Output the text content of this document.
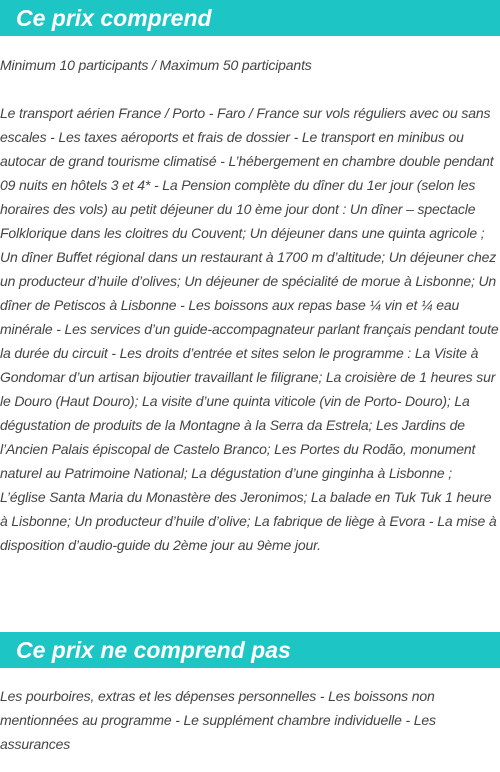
Ce prix comprend

Minimum 10 participants / Maximum 50 participants

Le transport aérien France / Porto - Faro / France sur vols réguliers avec ou sans escales - Les taxes aéroports et frais de dossier - Le transport en minibus ou autocar de grand tourisme climatisé - L’hébergement en chambre double pendant 09 nuits en hôtels 3 et 4* - La Pension complète du dîner du 1er jour (selon les horaires des vols) au petit déjeuner du 10 ème jour dont : Un dîner – spectacle Folklorique dans les cloitres du Couvent; Un déjeuner dans une quinta agricole ; Un dîner Buffet régional dans un restaurant à 1700 m d’altitude; Un déjeuner chez un producteur d’huile d’olives; Un déjeuner de spécialité de morue à Lisbonne; Un dîner de Petiscos à Lisbonne - Les boissons aux repas base ¼ vin et ¼ eau minérale - Les services d’un guide-accompagnateur parlant français pendant toute la durée du circuit - Les droits d’entrée et sites selon le programme : La Visite à Gondomar d’un artisan bijoutier travaillant le filigrane; La croisière de 1 heures sur le Douro (Haut Douro); La visite d’une quinta viticole (vin de Porto- Douro); La dégustation de produits de la Montagne à la Serra da Estrela; Les Jardins de l’Ancien Palais épiscopal de Castelo Branco; Les Portes du Rodão, monument naturel au Patrimoine National; La dégustation d’une ginginha à Lisbonne ; L’église Santa Maria du Monastère des Jeronimos; La balade en Tuk Tuk 1 heure à Lisbonne; Un producteur d’huile d’olive; La fabrique de liège à Evora - La mise à disposition d’audio-guide du 2ème jour au 9ème jour.

Ce prix ne comprend pas

Les pourboires, extras et les dépenses personnelles - Les boissons non mentionnées au programme - Le supplément chambre individuelle - Les assurances
